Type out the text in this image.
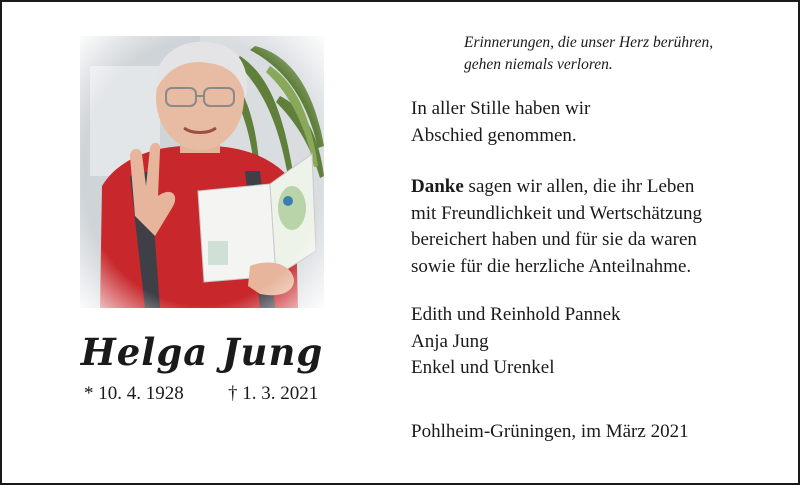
Helga Jung
* 10. 4. 1928 † 1. 3. 2021
Erinnerungen, die unser Herz berühren,
gehen niemals verloren.
In aller Stille haben wir
Abschied genommen.
Danke sagen wir allen, die ihr Leben
mit Freundlichkeit und Wertschätzung
bereichert haben und für sie da waren
sowie für die herzliche Anteilnahme.
Edith und Reinhold Pannek
Anja Jung
Enkel und Urenkel
Pohlheim-Grüningen, im März 2021
